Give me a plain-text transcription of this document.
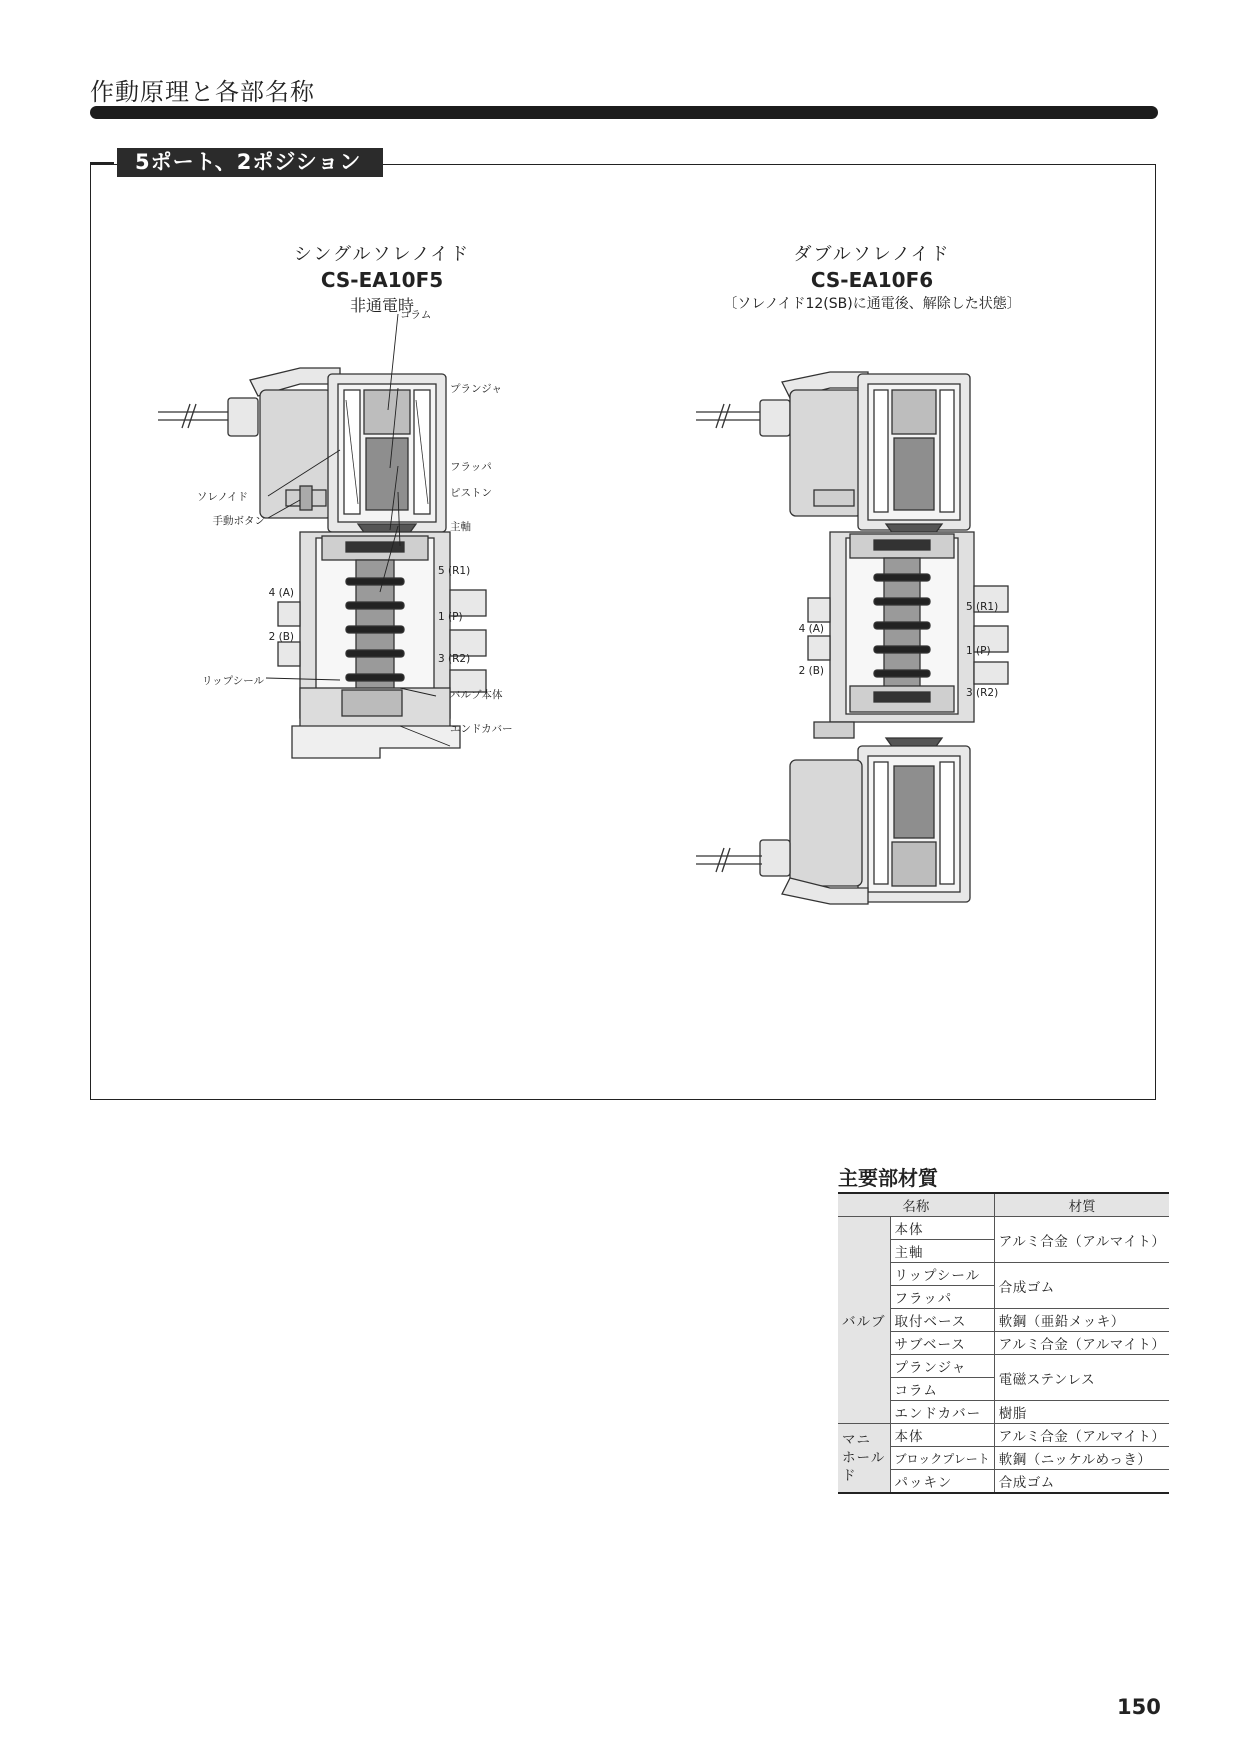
作動原理と各部名称
5ポート、2ポジション
シングルソレノイド
CS-EA10F5
非通電時
ダブルソレノイド
CS-EA10F6
〔ソレノイド12(SB)に通電後、解除した状態〕
コラム
プランジャ
フラッパ
ピストン
主軸
ソレノイド
手動ボタン
5 (R1)
4 (A)
1 (P)
2 (B)
3 (R2)
リップシール
バルブ本体
エンドカバー
5 (R1)
4 (A)
1 (P)
2 (B)
3 (R2)
主要部材質
名称		材質
バルブ	本体	アルミ合金（アルマイト）
	主軸	
	リップシール	合成ゴム
	フラッパ	
	取付ベース	軟鋼（亜鉛メッキ）
	サブベース	アルミ合金（アルマイト）
	プランジャ	電磁ステンレス
	コラム	
	エンドカバー	樹脂
マニ
ホールド	本体	アルミ合金（アルマイト）
	ブロックプレート	軟鋼（ニッケルめっき）
	パッキン	合成ゴム
150
